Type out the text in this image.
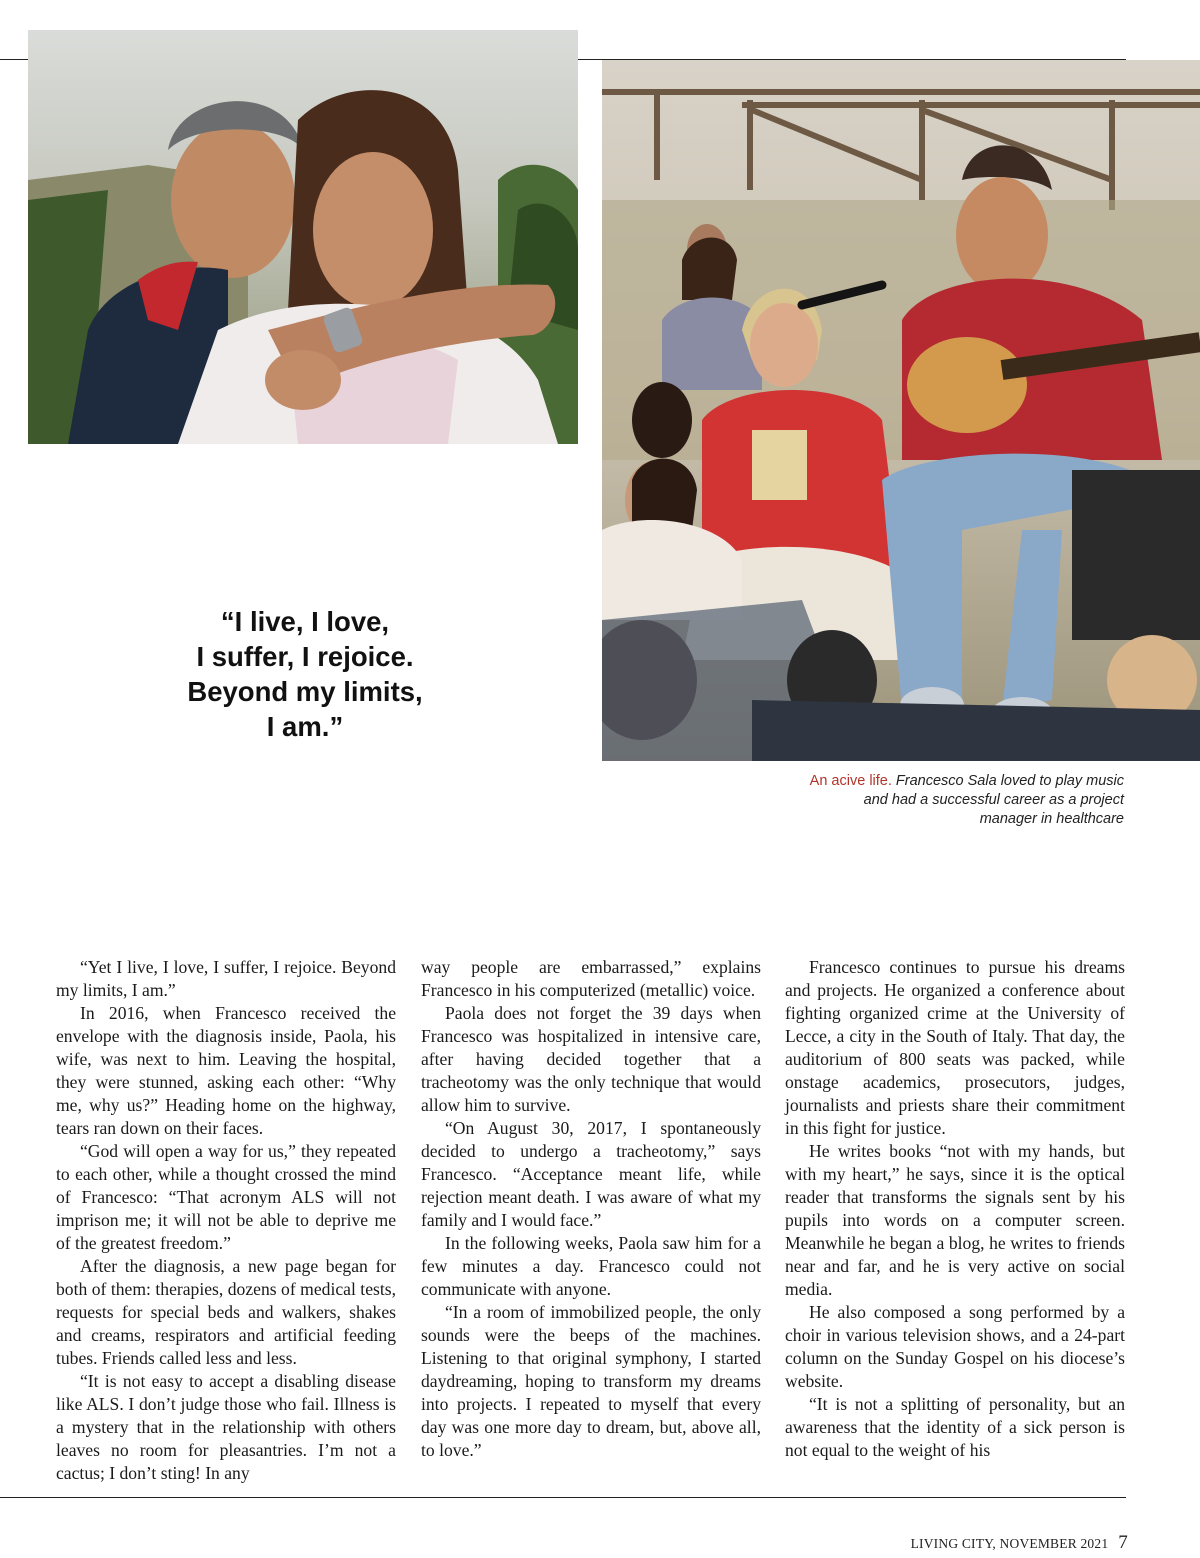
“I live, I love,
I suffer, I rejoice.
Beyond my limits,
I am.”
An acive life. Francesco Sala loved to play music and had a successful career as a project manager in healthcare

“Yet I live, I love, I suffer, I rejoice. Beyond my limits, I am.”

In 2016, when Francesco received the envelope with the diagnosis inside, Paola, his wife, was next to him. Leaving the hospital, they were stunned, asking each other: “Why me, why us?” Heading home on the highway, tears ran down on their faces.

“God will open a way for us,” they repeated to each other, while a thought crossed the mind of Francesco: “That acronym ALS will not imprison me; it will not be able to deprive me of the greatest freedom.”

After the diagnosis, a new page began for both of them: therapies, dozens of medical tests, requests for special beds and walkers, shakes and creams, respirators and artificial feeding tubes. Friends called less and less.

“It is not easy to accept a disabling disease like ALS. I don’t judge those who fail. Illness is a mystery that in the relationship with others leaves no room for pleasantries. I’m not a cactus; I don’t sting! In any

way people are embarrassed,” explains Francesco in his computerized (metallic) voice.

Paola does not forget the 39 days when Francesco was hospitalized in intensive care, after having decided together that a tracheotomy was the only technique that would allow him to survive.

“On August 30, 2017, I spontaneously decided to undergo a tracheotomy,” says Francesco. “Acceptance meant life, while rejection meant death. I was aware of what my family and I would face.”

In the following weeks, Paola saw him for a few minutes a day. Francesco could not communicate with anyone.

“In a room of immobilized people, the only sounds were the beeps of the machines. Listening to that original symphony, I started daydreaming, hoping to transform my dreams into projects. I repeated to myself that every day was one more day to dream, but, above all, to love.”

Francesco continues to pursue his dreams and projects. He organized a conference about fighting organized crime at the University of Lecce, a city in the South of Italy. That day, the auditorium of 800 seats was packed, while onstage academics, prosecutors, judges, journalists and priests share their commitment in this fight for justice.

He writes books “not with my hands, but with my heart,” he says, since it is the optical reader that transforms the signals sent by his pupils into words on a computer screen. Meanwhile he began a blog, he writes to friends near and far, and he is very active on social media.

He also composed a song performed by a choir in various television shows, and a 24-part column on the Sunday Gospel on his diocese’s website.

“It is not a splitting of personality, but an awareness that the identity of a sick person is not equal to the weight of his

LIVING CITY, NOVEMBER 2021 7
